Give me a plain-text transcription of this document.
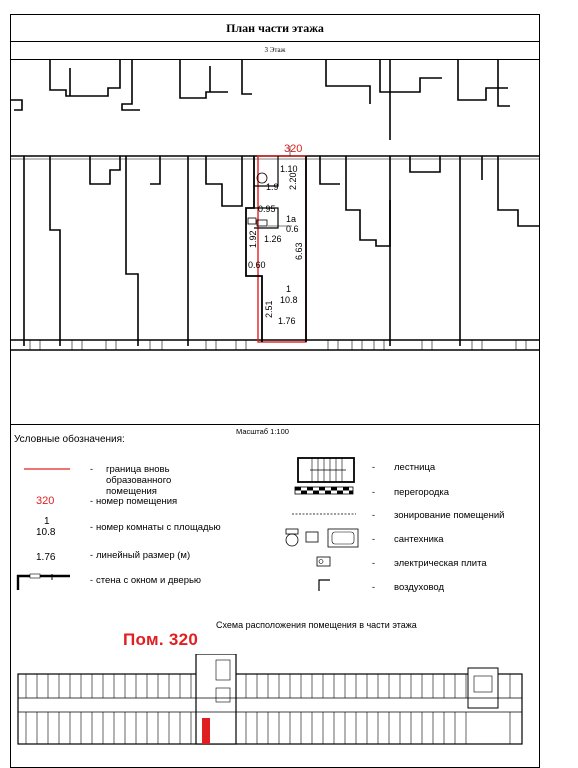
План части этажа
3 Этаж
320
1.10
1.9 2.20
0.95
1а
0.6
1.92 1.26
6.63
0.60
1
10.8
2.51
1.76
Масштаб 1:100
Условные обозначения:
- граница вновь образованного помещения
320	- номер помещения
1
10.8	- номер комнаты с площадью
1.76	- линейный размер (м)
- стена с окном и дверью
- лестница
- перегородка
- зонирование помещений
- сантехника
- электрическая плита
- воздуховод
Схема расположения помещения в части этажа
Пом. 320
